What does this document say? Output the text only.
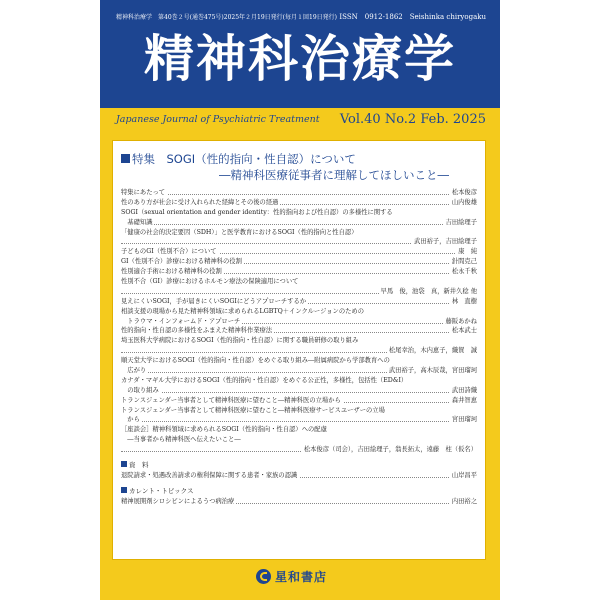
精神科治療学　第40巻２号(通巻475号)2025年２月19日発行(毎月１回19日発行) ISSN　0912-1862　Seishinka chiryogaku
精神科治療学
Japanese Journal of Psychiatric Treatment Vol.40 No.2 Feb. 2025
特集　 SOGI（性的指向・性自認）について
―精神科医療従事者に理解してほしいこと―
特集にあたって	松本俊彦
性のあり方が社会に受け入れられた経緯とその後の経過	山内俊雄
SOGI（sexual orientation and gender identity：性的指向および性自認）の多様性に関する
　基礎知識	吉田絵理子
「健康の社会的決定要因（SDH）」と医学教育におけるSOGI（性的指向と性自認）
武田裕子，吉田絵理子
子どものGI（性別不合）について	康　純
GI（性別不合）診療における精神科の役割	針間克己
性別適合手術における精神科の役割	松永千秋
性別不合（GI）診療におけるホルモン療法の保険適用について
早馬　俊，池袋　真，新井久稔 他
見えにくいSOGI，手が届きにくいSOGIにどうアプローチするか	林　直樹
相談支援の現場から見た精神科領域に求められるLGBTQ＋インクルージョンのための
　トラウマ・インフォームド・アプローチ	藤阪あかね
性的指向・性自認の多様性をふまえた精神科作業療法	松本武士
埼玉医科大学病院におけるSOGI（性的指向・性自認）に関する職員研修の取り組み
松尾幸治，木内恵子，織賀　誠
順天堂大学におけるSOGI（性的指向・性自認）をめぐる取り組み―附属病院から学部教育への
　広がり	武田裕子，高木辰哉，宮田瑠珂
カナダ・マギル大学におけるSOGI（性的指向・性自認）をめぐる公正性，多様性，包括性（ED&I）
　の取り組み	武田詩織
トランスジェンダー当事者として精神科医療に望むこと―精神科医の立場から	森井智恵
トランスジェンダー当事者として精神科医療に望むこと―精神科医療サービスユーザーの立場
　から	宮田瑠珂
［座談会］精神科領域に求められるSOGI（性的指向・性自認）への配慮
　―当事者から精神科医へ伝えたいこと―
松本俊彦（司会），吉田絵理子，翁長拓太，遠藤　柱（仮名）
資　料
退院請求・処遇改善請求の権利保障に関する患者・家族の認識	山岸昌平
カレント・トピックス
精神展開剤シロシビンによるうつ病治療	内田裕之
星和書店
